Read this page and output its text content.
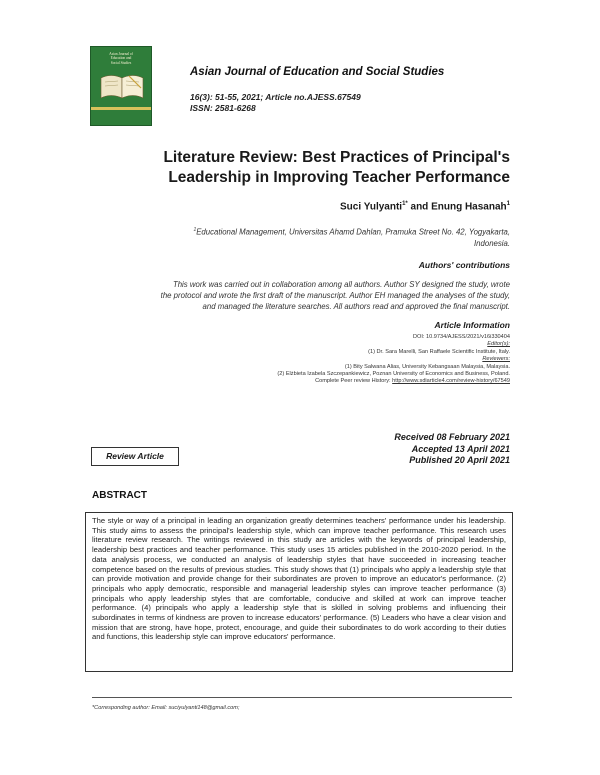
Asian Journal of
Education and
Social Studies
Asian Journal of Education and Social Studies
16(3): 51-55, 2021; Article no.AJESS.67549
ISSN: 2581-6268
Literature Review: Best Practices of Principal's
Leadership in Improving Teacher Performance
Suci Yulyanti$^{1*}$ and Enung Hasanah$^1$
$^1$Educational Management, Universitas Ahamd Dahlan, Pramuka Street No. 42, Yogyakarta,
Indonesia.
Authors' contributions
This work was carried out in collaboration among all authors. Author SY designed the study, wrote
the protocol and wrote the first draft of the manuscript. Author EH managed the analyses of the study,
and managed the literature searches. All authors read and approved the final manuscript.
Article Information
DOI: 10.9734/AJESS/2021/v16i330404
Editor(s):
(1) Dr. Sara Marelli, San Raffaele Scientific Institute, Italy.
Reviewers:
(1) Bity Salwana Alias, University Kebangsaan Malaysia, Malaysia.
(2) Elżbieta Izabela Szczepankiewicz, Poznan University of Economics and Business, Poland.
Complete Peer review History: http://www.sdiarticle4.com/review-history/67549
Received 08 February 2021
Accepted 13 April 2021
Published 20 April 2021
Review Article
ABSTRACT
The style or way of a principal in leading an organization greatly determines teachers' performance under his leadership. This study aims to assess the principal's leadership style, which can improve teacher performance. This research uses literature review research. The writings reviewed in this study are articles with the keywords of principal leadership, leadership best practices and teacher performance. This study uses 15 articles published in the 2010-2020 period. In the data analysis process, we conducted an analysis of leadership styles that have succeeded in increasing teacher competence based on the results of previous studies. This study shows that (1) principals who apply a leadership style that can provide motivation and provide change for their subordinates are proven to improve an educator's performance. (2) principals who apply democratic, responsible and managerial leadership styles can improve teacher performance (3) principals who apply leadership styles that are comfortable, conducive and skilled at work can improve teacher performance. (4) principals who apply a leadership style that is skilled in solving problems and influencing their subordinates in terms of kindness are proven to increase educators' performance. (5) Leaders who have a clear vision and mission that are strong, have hope, protect, encourage, and guide their subordinates to do work according to their duties and functions, this leadership style can improve educators' performance.
*Corresponding author: Email: suciyulyanti148@gmail.com;
